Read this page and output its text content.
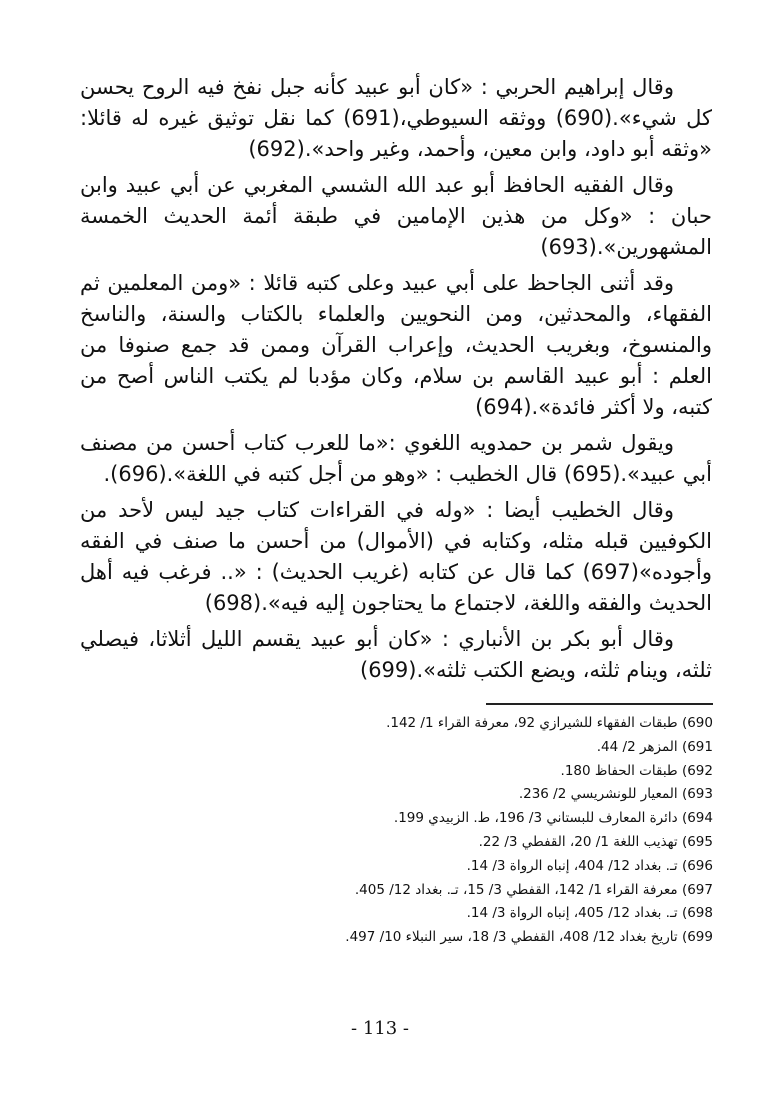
وقال إبراهيم الحربي : «كان أبو عبيد كأنه جبل نفخ فيه الروح يحسن كل شيء».(690) ووثقه السيوطي،(691) كما نقل توثيق غيره له قائلا: «وثقه أبو داود، وابن معين، وأحمد، وغير واحد».(692)

وقال الفقيه الحافظ أبو عبد الله الشسي المغربي عن أبي عبيد وابن حبان : «وكل من هذين الإمامين في طبقة أئمة الحديث الخمسة المشهورين».(693)

وقد أثنى الجاحظ على أبي عبيد وعلى كتبه قائلا : «ومن المعلمين ثم الفقهاء، والمحدثين، ومن النحويين والعلماء بالكتاب والسنة، والناسخ والمنسوخ، وبغريب الحديث، وإعراب القرآن وممن قد جمع صنوفا من العلم : أبو عبيد القاسم بن سلام، وكان مؤدبا لم يكتب الناس أصح من كتبه، ولا أكثر فائدة».(694)

ويقول شمر بن حمدويه اللغوي :«ما للعرب كتاب أحسن من مصنف أبي عبيد».(695) قال الخطيب : «وهو من أجل كتبه في اللغة».(696).

وقال الخطيب أيضا : «وله في القراءات كتاب جيد ليس لأحد من الكوفيين قبله مثله، وكتابه في (الأموال) من أحسن ما صنف في الفقه وأجوده»(697) كما قال عن كتابه (غريب الحديث) : «.. فرغب فيه أهل الحديث والفقه واللغة، لاجتماع ما يحتاجون إليه فيه».(698)

وقال أبو بكر بن الأنباري : «كان أبو عبيد يقسم الليل أثلاثا، فيصلي ثلثه، وينام ثلثه، ويضع الكتب ثلثه».(699)

690) طبقات الفقهاء للشيرازي 92، معرفة القراء 1/ 142.
691) المزهر 2/ 44.
692) طبقات الحفاظ 180.
693) المعيار للونشريسي 2/ 236.
694) دائرة المعارف للبستاني 3/ 196، ط. الزبيدي 199.
695) تهذيب اللغة 1/ 20، القفطي 3/ 22.
696) تـ. بغداد 12/ 404، إنباه الرواة 3/ 14.
697) معرفة القراء 1/ 142، القفطي 3/ 15، تـ. بغداد 12/ 405.
698) تـ. بغداد 12/ 405، إنباه الرواة 3/ 14.
699) تاريخ بغداد 12/ 408، القفطي 3/ 18، سير النبلاء 10/ 497.
- 113 -
